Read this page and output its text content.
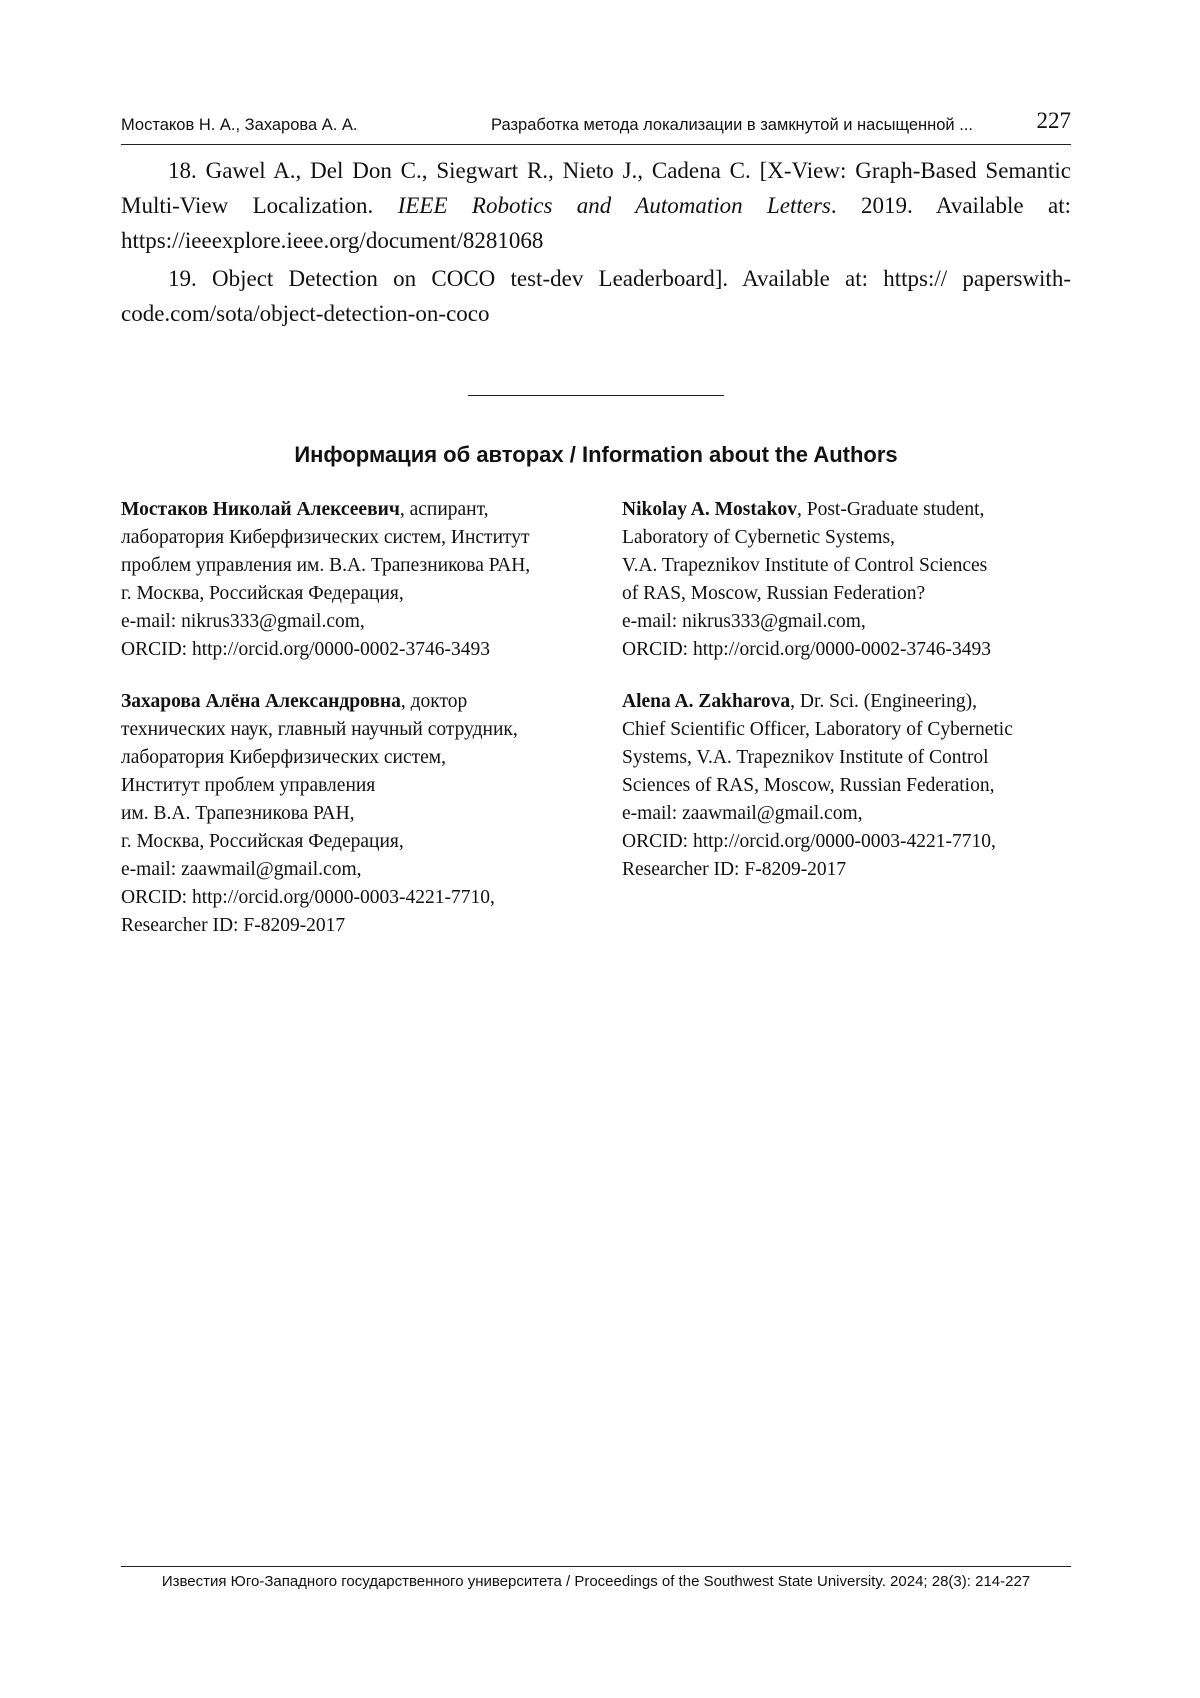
Мостаков Н. А., Захарова А. А.	Разработка метода локализации в замкнутой и насыщенной ...	227

18. Gawel A., Del Don C., Siegwart R., Nieto J., Cadena C. [X-View: Graph-Based Semantic Multi-View Localization. IEEE Robotics and Automation Letters. 2019. Available at: https://ieeexplore.ieee.org/document/8281068

19. Object Detection on COCO test-dev Leaderboard]. Available at: https:// paperswithcode.com/sota/object-detection-on-coco

Информация об авторах / Information about the Authors
Мостаков Николай Алексеевич, аспирант,
лаборатория Киберфизических систем, Институт
проблем управления им. В.А. Трапезникова РАН,
г. Москва, Российская Федерация,
e-mail: nikrus333@gmail.com,
ORCID: http://orcid.org/0000-0002-3746-3493
Nikolay A. Mostakov, Post-Graduate student,
Laboratory of Cybernetic Systems,
V.A. Trapeznikov Institute of Control Sciences
of RAS, Moscow, Russian Federation?
e-mail: nikrus333@gmail.com,
ORCID: http://orcid.org/0000-0002-3746-3493
Захарова Алёна Александровна, доктор
технических наук, главный научный сотрудник,
лаборатория Киберфизических систем,
Институт проблем управления
им. В.А. Трапезникова РАН,
г. Москва, Российская Федерация,
e-mail: zaawmail@gmail.com,
ORCID: http://orcid.org/0000-0003-4221-7710,
Researcher ID: F-8209-2017
Alena A. Zakharova, Dr. Sci. (Engineering),
Chief Scientific Officer, Laboratory of Cybernetic
Systems, V.A. Trapeznikov Institute of Control
Sciences of RAS, Moscow, Russian Federation,
e-mail: zaawmail@gmail.com,
ORCID: http://orcid.org/0000-0003-4221-7710,
Researcher ID: F-8209-2017
Известия Юго-Западного государственного университета / Proceedings of the Southwest State University. 2024; 28(3): 214-227
